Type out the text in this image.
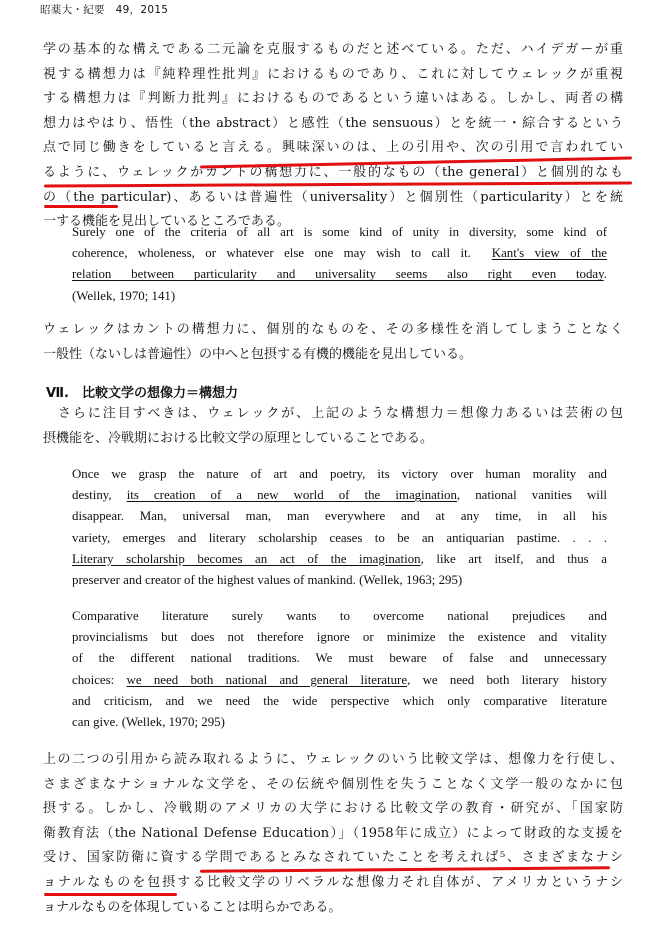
昭薬大・紀要　49，2015
学の基本的な構えである二元論を克服するものだと述べている。ただ、ハイデガーが重
視する構想力は『純粋理性批判』におけるものであり、これに対してウェレックが重視
する構想力は『判断力批判』におけるものであるという違いはある。しかし、両者の構
想力はやはり、悟性（the abstract）と感性（the sensuous）とを統一・綜合するという
点で同じ働きをしていると言える。興味深いのは、上の引用や、次の引用で言われてい
るように、ウェレックがカントの構想力に、一般的なもの（the general）と個別的なも
の（the particular)、あるいは普遍性（universality）と個別性（particularity）とを統
一する機能を見出しているところである。
Surely one of the criteria of all art is some kind of unity in diversity, some kind of
coherence, wholeness, or whatever else one may wish to call it. Kant's view of the
relation between particularity and universality seems also right even today.
(Wellek, 1970; 141)
ウェレックはカントの構想力に、個別的なものを、その多様性を消してしまうことなく
一般性（ないしは普遍性）の中へと包摂する有機的機能を見出している。
Ⅶ.　比較文学の想像力＝構想力
　さらに注目すべきは、ウェレックが、上記のような構想力＝想像力あるいは芸術の包
摂機能を、冷戦期における比較文学の原理としていることである。
Once we grasp the nature of art and poetry, its victory over human morality and
destiny, its creation of a new world of the imagination, national vanities will
disappear. Man, universal man, man everywhere and at any time, in all his
variety, emerges and literary scholarship ceases to be an antiquarian pastime. . . .
Literary scholarship becomes an act of the imagination, like art itself, and thus a
preserver and creator of the highest values of mankind. (Wellek, 1963; 295)
Comparative literature surely wants to overcome national prejudices and
provincialisms but does not therefore ignore or minimize the existence and vitality
of the different national traditions. We must beware of false and unnecessary
choices: we need both national and general literature, we need both literary history
and criticism, and we need the wide perspective which only comparative literature
can give. (Wellek, 1970; 295)
上の二つの引用から読み取れるように、ウェレックのいう比較文学は、想像力を行使し、
さまざまなナショナルな文学を、その伝統や個別性を失うことなく文学一般のなかに包
摂する。しかし、冷戦期のアメリカの大学における比較文学の教育・研究が、「国家防
衛教育法（the National Defense Education）」（1958年に成立）によって財政的な支援を
受け、国家防衛に資する学問であるとみなされていたことを考えれば⁵、さまざまなナシ
ョナルなものを包摂する比較文学のリベラルな想像力それ自体が、アメリカというナシ
ョナルなものを体現していることは明らかである。
